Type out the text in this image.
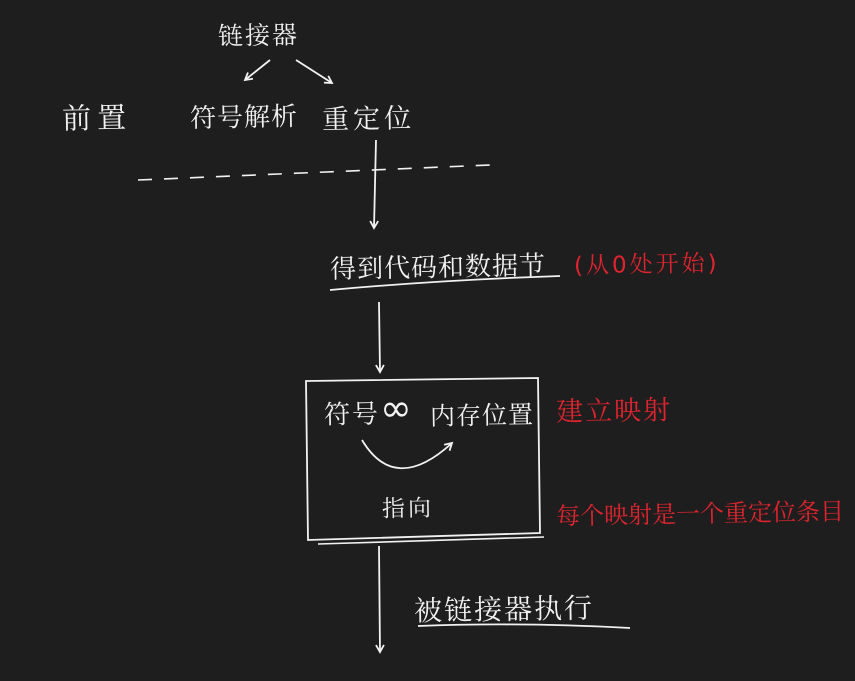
链接器
前置 符号解析 重定位
得到代码和数据节 (从0处开始)
符号 ∞ 内存位置
指向
建立映射
每个映射是一个重定位条目
被链接器执行
